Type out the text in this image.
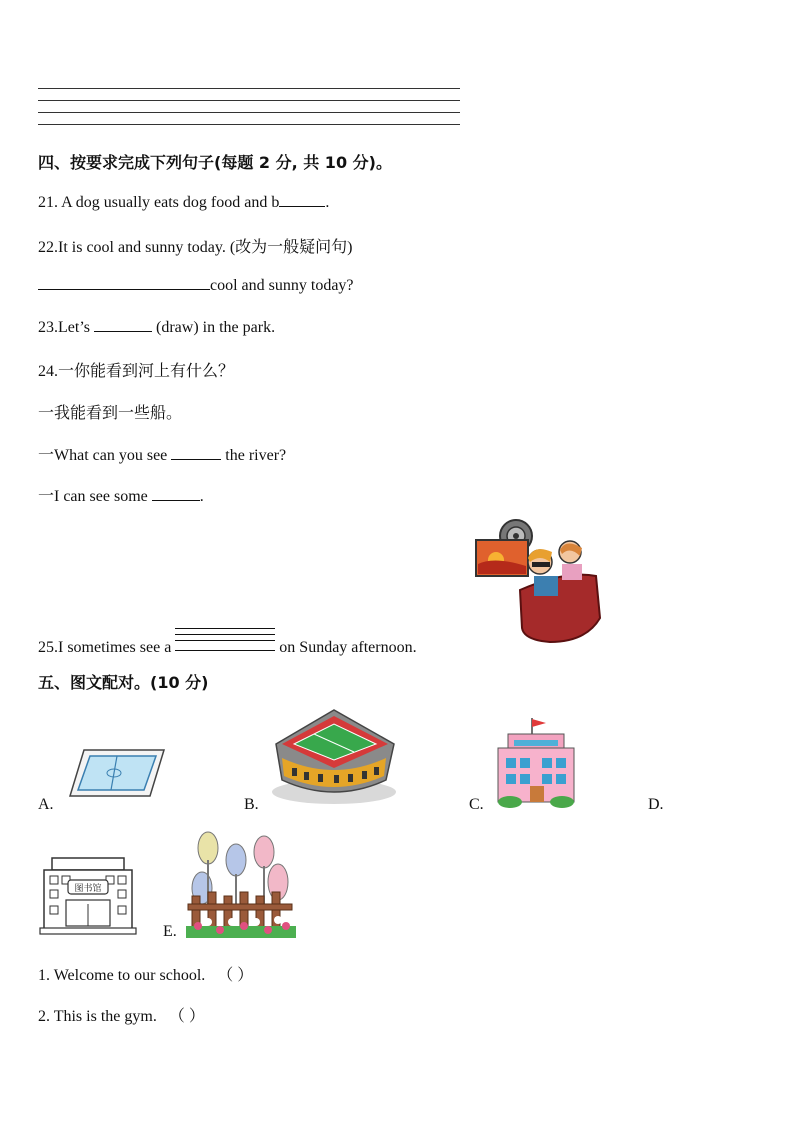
四、按要求完成下列句子(每题 2 分, 共 10 分)。
21. A dog usually eats dog food and b	.
22.It is cool and sunny today. (改为一般疑问句)
cool and sunny today?
23.Let’s	(draw) in the park.
24.一你能看到河上有什么？
一我能看到一些船。
一What can you see	the river?
一I can see some	.
25.I sometimes see a	on Sunday afternoon.
五、图文配对。(10 分)
A.	B.	C.	D.
图书馆
E.
1. Welcome to our school. （ ）
2. This is the gym. （ ）
